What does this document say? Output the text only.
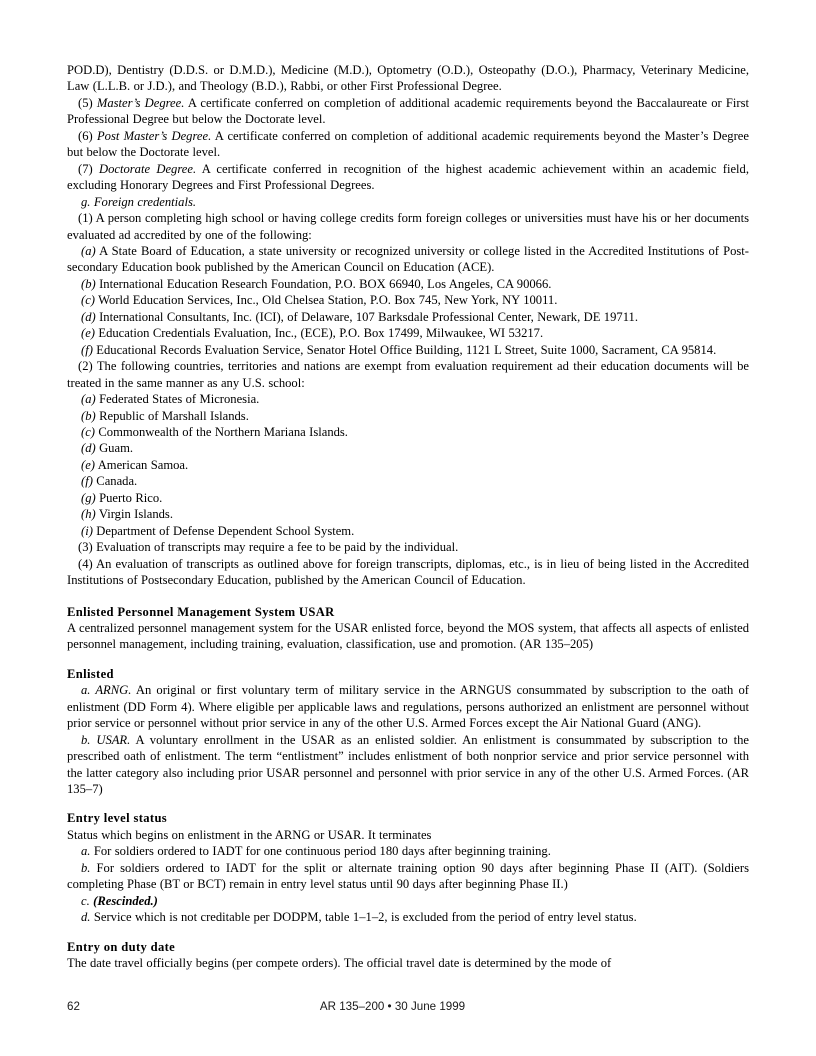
POD.D), Dentistry (D.D.S. or D.M.D.), Medicine (M.D.), Optometry (O.D.), Osteopathy (D.O.), Pharmacy, Veterinary Medicine, Law (L.L.B. or J.D.), and Theology (B.D.), Rabbi, or other First Professional Degree.

(5) Master’s Degree. A certificate conferred on completion of additional academic requirements beyond the Baccalaureate or First Professional Degree but below the Doctorate level.

(6) Post Master’s Degree. A certificate conferred on completion of additional academic requirements beyond the Master’s Degree but below the Doctorate level.

(7) Doctorate Degree. A certificate conferred in recognition of the highest academic achievement within an academic field, excluding Honorary Degrees and First Professional Degrees.

g. Foreign credentials.

(1) A person completing high school or having college credits form foreign colleges or universities must have his or her documents evaluated ad accredited by one of the following:

(a) A State Board of Education, a state university or recognized university or college listed in the Accredited Institutions of Post-secondary Education book published by the American Council on Education (ACE).

(b) International Education Research Foundation, P.O. BOX 66940, Los Angeles, CA 90066.

(c) World Education Services, Inc., Old Chelsea Station, P.O. Box 745, New York, NY 10011.

(d) International Consultants, Inc. (ICI), of Delaware, 107 Barksdale Professional Center, Newark, DE 19711.

(e) Education Credentials Evaluation, Inc., (ECE), P.O. Box 17499, Milwaukee, WI 53217.

(f) Educational Records Evaluation Service, Senator Hotel Office Building, 1121 L Street, Suite 1000, Sacrament, CA 95814.

(2) The following countries, territories and nations are exempt from evaluation requirement ad their education documents will be treated in the same manner as any U.S. school:

(a) Federated States of Micronesia.

(b) Republic of Marshall Islands.

(c) Commonwealth of the Northern Mariana Islands.

(d) Guam.

(e) American Samoa.

(f) Canada.

(g) Puerto Rico.

(h) Virgin Islands.

(i) Department of Defense Dependent School System.

(3) Evaluation of transcripts may require a fee to be paid by the individual.

(4) An evaluation of transcripts as outlined above for foreign transcripts, diplomas, etc., is in lieu of being listed in the Accredited Institutions of Postsecondary Education, published by the American Council of Education.

Enlisted Personnel Management System USAR

A centralized personnel management system for the USAR enlisted force, beyond the MOS system, that affects all aspects of enlisted personnel management, including training, evaluation, classification, use and promotion. (AR 135–205)

Enlisted

a. ARNG. An original or first voluntary term of military service in the ARNGUS consummated by subscription to the oath of enlistment (DD Form 4). Where eligible per applicable laws and regulations, persons authorized an enlistment are personnel without prior service or personnel without prior service in any of the other U.S. Armed Forces except the Air National Guard (ANG).

b. USAR. A voluntary enrollment in the USAR as an enlisted soldier. An enlistment is consummated by subscription to the prescribed oath of enlistment. The term “entlistment” includes enlistment of both nonprior service and prior service personnel with the latter category also including prior USAR personnel and personnel with prior service in any of the other U.S. Armed Forces. (AR 135–7)

Entry level status

Status which begins on enlistment in the ARNG or USAR. It terminates

a. For soldiers ordered to IADT for one continuous period 180 days after beginning training.

b. For soldiers ordered to IADT for the split or alternate training option 90 days after beginning Phase II (AIT). (Soldiers completing Phase (BT or BCT) remain in entry level status until 90 days after beginning Phase II.)

c. (Rescinded.)

d. Service which is not creditable per DODPM, table 1–1–2, is excluded from the period of entry level status.

Entry on duty date

The date travel officially begins (per compete orders). The official travel date is determined by the mode of

62	AR 135–200 • 30 June 1999
